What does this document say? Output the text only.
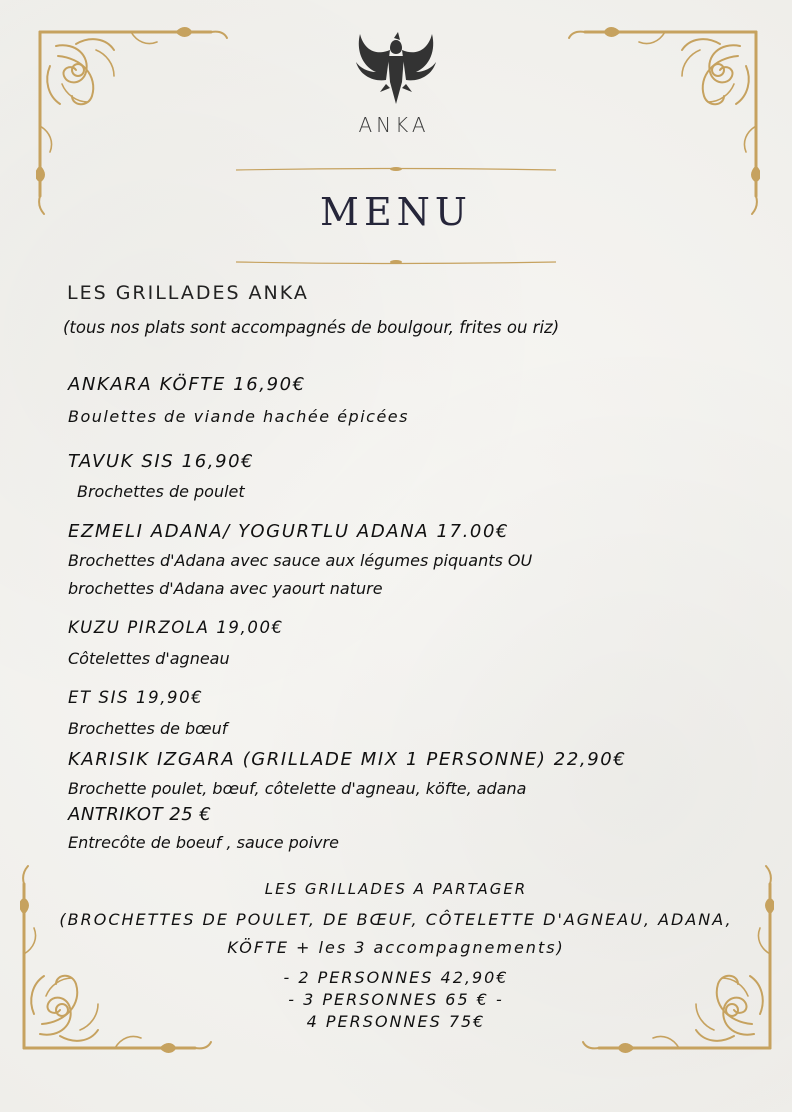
ANKA
MENU
LES GRILLADES ANKA
(tous nos plats sont accompagnés de boulgour, frites ou riz)
ANKARA KÖFTE 16,90€
Boulettes de viande hachée épicées
TAVUK SIS 16,90€
Brochettes de poulet
EZMELI ADANA/ YOGURTLU ADANA 17.00€
Brochettes d'Adana avec sauce aux légumes piquants OU
brochettes d'Adana avec yaourt nature
KUZU PIRZOLA 19,00€
Côtelettes d'agneau
ET SIS 19,90€
Brochettes de bœuf
KARISIK IZGARA (GRILLADE MIX 1 PERSONNE) 22,90€
Brochette poulet, bœuf, côtelette d'agneau, köfte, adana
ANTRIKOT 25 €
Entrecôte de boeuf , sauce poivre
LES GRILLADES A PARTAGER
(BROCHETTES DE POULET, DE BŒUF, CÔTELETTE D'AGNEAU, ADANA,
KÖFTE + les 3 accompagnements)
- 2 PERSONNES 42,90€
- 3 PERSONNES 65 € -
4 PERSONNES 75€
